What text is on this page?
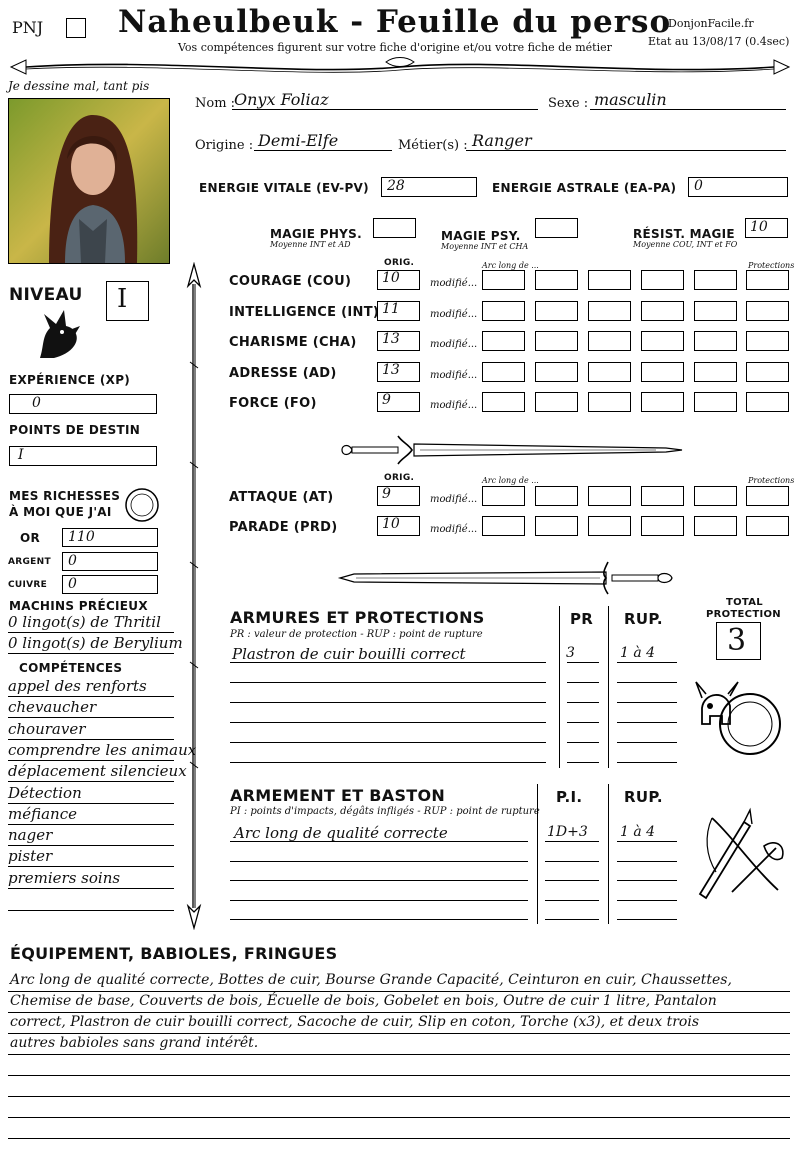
PNJ Naheulbeuk - Feuille du perso
DonjonFacile.fr
Etat au 13/08/17 (0.4sec)
Vos compétences figurent sur votre fiche d'origine et/ou votre fiche de métier
Je dessine mal, tant pis
Nom :
Onyx Foliaz	Sexe : masculin
Origine : Demi-Elfe	Métier(s) : Ranger
ENERGIE VITALE (EV-PV) 28	ENERGIE ASTRALE (EA-PA) 0
MAGIE PHYS.
Moyenne INT et AD
MAGIE PSY.
Moyenne INT et CHA
RÉSIST. MAGIE
Moyenne COU, INT et FO
10
NIVEAU I
EXPÉRIENCE (XP)
0
POINTS DE DESTIN
I
MES RICHESSES
À MOI QUE J'AI
OR 110
ARGENT 0
CUIVRE 0
MACHINS PRÉCIEUX
0 lingot(s) de Thritil
0 lingot(s) de Berylium
COMPÉTENCES
appel des renforts
chevaucher
chouraver
comprendre les animaux
déplacement silencieux
Détection
méfiance
nager
pister
premiers soins
ORIG.	Arc long de ...	Protections
COURAGE (COU) 10	modifié...
INTELLIGENCE (INT) 11	modifié...
CHARISME (CHA) 13	modifié...
ADRESSE (AD)	13	modifié...
FORCE (FO)	9	modifié...
ORIG.	Arc long de ...	Protections
ATTAQUE (AT)	9	modifié...
PARADE (PRD)	10	modifié...
ARMURES ET PROTECTIONS
PR : valeur de protection - RUP : point de rupture
PR RUP.
Plastron de cuir bouilli correct	3	1 à 4
TOTAL
PROTECTION
3
ARMEMENT ET BASTON
PI : points d'impacts, dégâts infligés - RUP : point de rupture
P.I.	RUP.
Arc long de qualité correcte	1D+3 1 à 4
ÉQUIPEMENT, BABIOLES, FRINGUES
Arc long de qualité correcte, Bottes de cuir, Bourse Grande Capacité, Ceinturon en cuir, Chaussettes,
Chemise de base, Couverts de bois, Écuelle de bois, Gobelet en bois, Outre de cuir 1 litre, Pantalon
correct, Plastron de cuir bouilli correct, Sacoche de cuir, Slip en coton, Torche (x3), et deux trois
autres babioles sans grand intérêt.
